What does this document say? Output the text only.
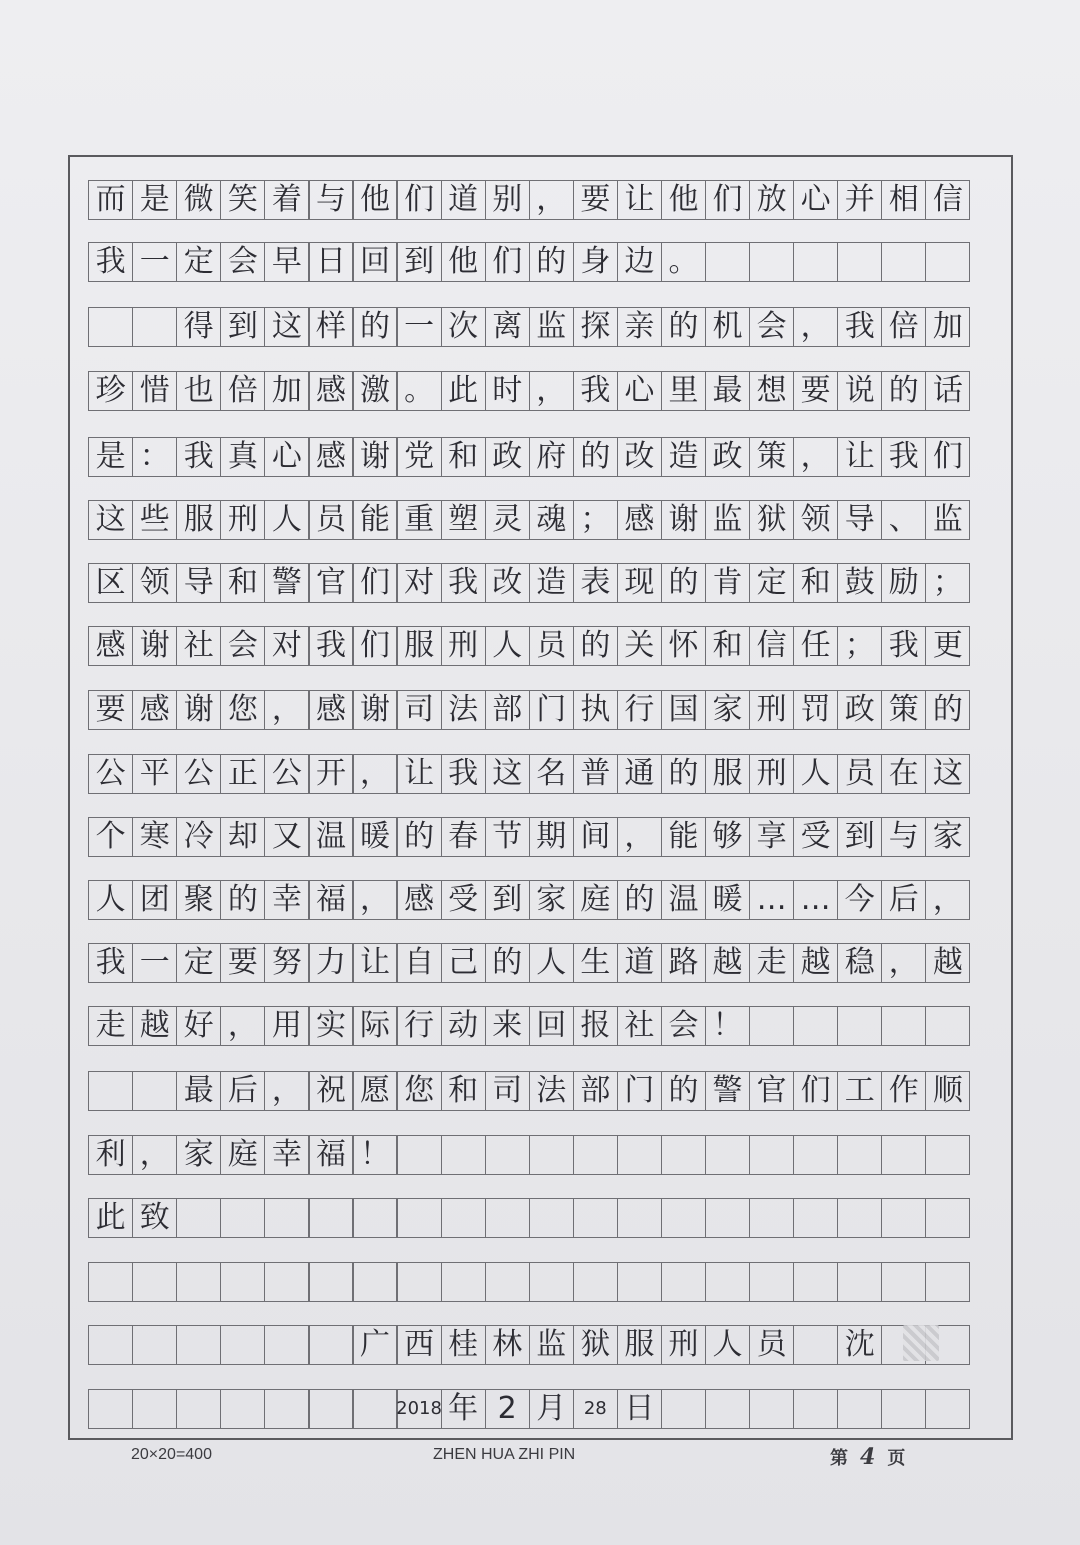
而 是 微 笑 着 与 他 们 道 别 ， 要 让 他 们 放 心 并 相 信
我 一 定 会 早 日 回 到 他 们 的 身 边 。
得 到 这 样 的 一 次 离 监 探 亲 的 机 会 ， 我 倍 加
珍 惜 也 倍 加 感 激 。 此 时 ， 我 心 里 最 想 要 说 的 话
是 ： 我 真 心 感 谢 党 和 政 府 的 改 造 政 策 ， 让 我 们
这 些 服 刑 人 员 能 重 塑 灵 魂 ； 感 谢 监 狱 领 导 、 监
区 领 导 和 警 官 们 对 我 改 造 表 现 的 肯 定 和 鼓 励 ；
感 谢 社 会 对 我 们 服 刑 人 员 的 关 怀 和 信 任 ； 我 更
要 感 谢 您 ， 感 谢 司 法 部 门 执 行 国 家 刑 罚 政 策 的
公 平 公 正 公 开 ， 让 我 这 名 普 通 的 服 刑 人 员 在 这
个 寒 冷 却 又 温 暖 的 春 节 期 间 ， 能 够 享 受 到 与 家
人 团 聚 的 幸 福 ， 感 受 到 家 庭 的 温 暖 … … 今 后 ，
我 一 定 要 努 力 让 自 己 的 人 生 道 路 越 走 越 稳 ， 越
走 越 好 ， 用 实 际 行 动 来 回 报 社 会 ！
最 后 ， 祝 愿 您 和 司 法 部 门 的 警 官 们 工 作 顺
利 ， 家 庭 幸 福 ！
此 致
广 西 桂 林 监 狱 服 刑 人 员 沈
2018 年 2 月 28 日
20×20=400	ZHEN HUA ZHI PIN	第 4 页
